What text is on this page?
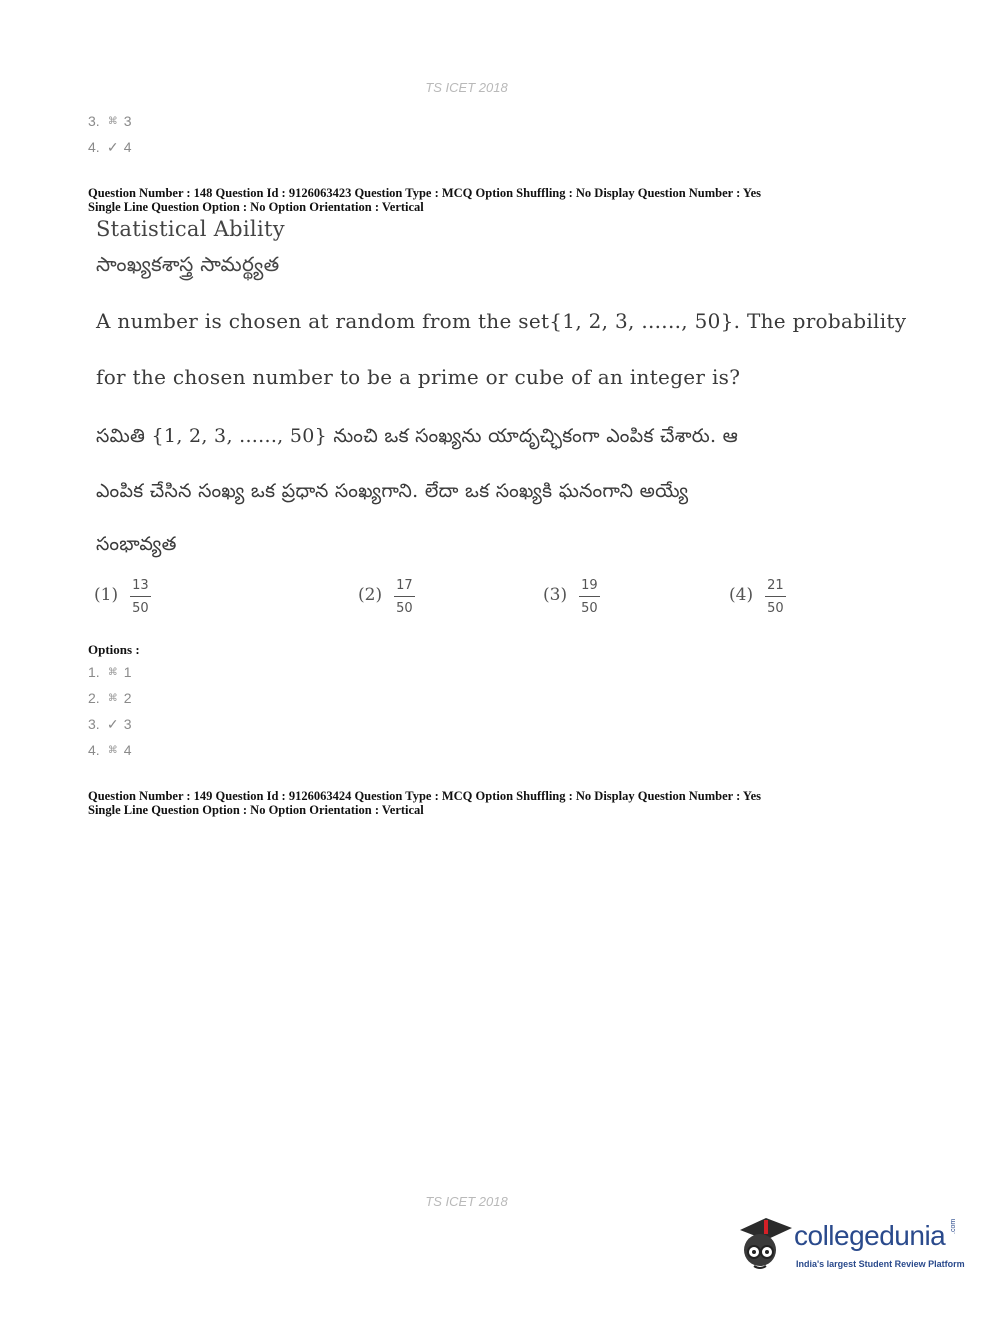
TS ICET 2018
3. ⌘ 3
4. ✓ 4
Question Number : 148 Question Id : 9126063423 Question Type : MCQ Option Shuffling : No Display Question Number : Yes
Single Line Question Option : No Option Orientation : Vertical
Statistical Ability
సాంఖ్యకశాస్త్ర సామర్థ్యత
A number is chosen at random from the set{1, 2, 3, ......, 50}. The probability
for the chosen number to be a prime or cube of an integer is?
సమితి {1, 2, 3, ......, 50} నుంచి ఒక సంఖ్యను యాదృచ్ఛికంగా ఎంపిక చేశారు. ఆ
ఎంపిక చేసిన సంఖ్య ఒక ప్రధాన సంఖ్యగాని. లేదా ఒక సంఖ్యకి ఘనంగాని అయ్యే
సంభావ్యత
$(1) \frac{13}{50}$	$(2) \frac{17}{50}$	$(3) \frac{19}{50}$	$(4) \frac{21}{50}$
Options :
1. ⌘ 1
2. ⌘ 2
3. ✓ 3
4. ⌘ 4
Question Number : 149 Question Id : 9126063424 Question Type : MCQ Option Shuffling : No Display Question Number : Yes
Single Line Question Option : No Option Orientation : Vertical
TS ICET 2018
collegedunia .com
India's largest Student Review Platform
